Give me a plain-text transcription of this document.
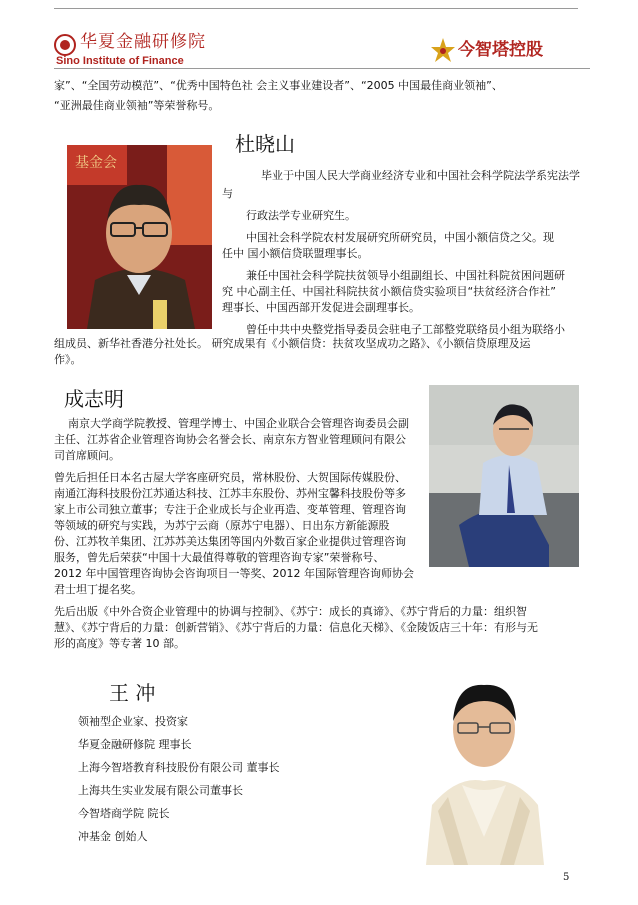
华夏金融研修院
Sino Institute of Finance
今智塔控股
家”、“全国劳动模范”、“优秀中国特色社 会主义事业建设者”、“2005 中国最佳商业领袖”、
“亚洲最佳商业领袖”等荣誉称号。
基金会
杜晓山
毕业于中国人民大学商业经济专业和中国社会科学院法学系宪法学
与
行政法学专业研究生。
中国社会科学院农村发展研究所研究员，中国小额信贷之父。现
任中 国小额信贷联盟理事长。
兼任中国社会科学院扶贫领导小组副组长、中国社科院贫困问题研
究 中心副主任、中国社科院扶贫小额信贷实验项目“扶贫经济合作社”
理事长、中国西部开发促进会副理事长。
曾任中共中央整党指导委员会驻电子工部整党联络员小组为联络小
组成员、新华社香港分社处长。 研究成果有《小额信贷：扶贫攻坚成功之路》、《小额信贷原理及运
作》。
成志明
南京大学商学院教授、管理学博士、中国企业联合会管理咨询委员会副
主任、江苏省企业管理咨询协会名誉会长、南京东方智业管理顾问有限公
司首席顾问。
曾先后担任日本名古屋大学客座研究员，常林股份、大贺国际传媒股份、
南通江海科技股份江苏通达科技、江苏丰东股份、苏州宝馨科技股份等多
家上市公司独立董事；专注于企业成长与企业再造、变革管理、管理咨询
等领域的研究与实践，为苏宁云商（原苏宁电器）、日出东方新能源股
份、江苏牧羊集团、江苏苏美达集团等国内外数百家企业提供过管理咨询
服务，曾先后荣获“中国十大最值得尊敬的管理咨询专家”荣誉称号、
2012 年中国管理咨询协会咨询项目一等奖、2012 年国际管理咨询师协会
君士坦丁提名奖。
先后出版《中外合资企业管理中的协调与控制》、《苏宁：成长的真谛》、《苏宁背后的力量：组织智
慧》、《苏宁背后的力量：创新营销》、《苏宁背后的力量：信息化天梯》、《金陵饭店三十年：有形与无
形的高度》等专著 10 部。
王 冲
领袖型企业家、投资家
华夏金融研修院 理事长
上海今智塔教育科技股份有限公司 董事长
上海共生实业发展有限公司董事长
今智塔商学院 院长
冲基金 创始人
5
